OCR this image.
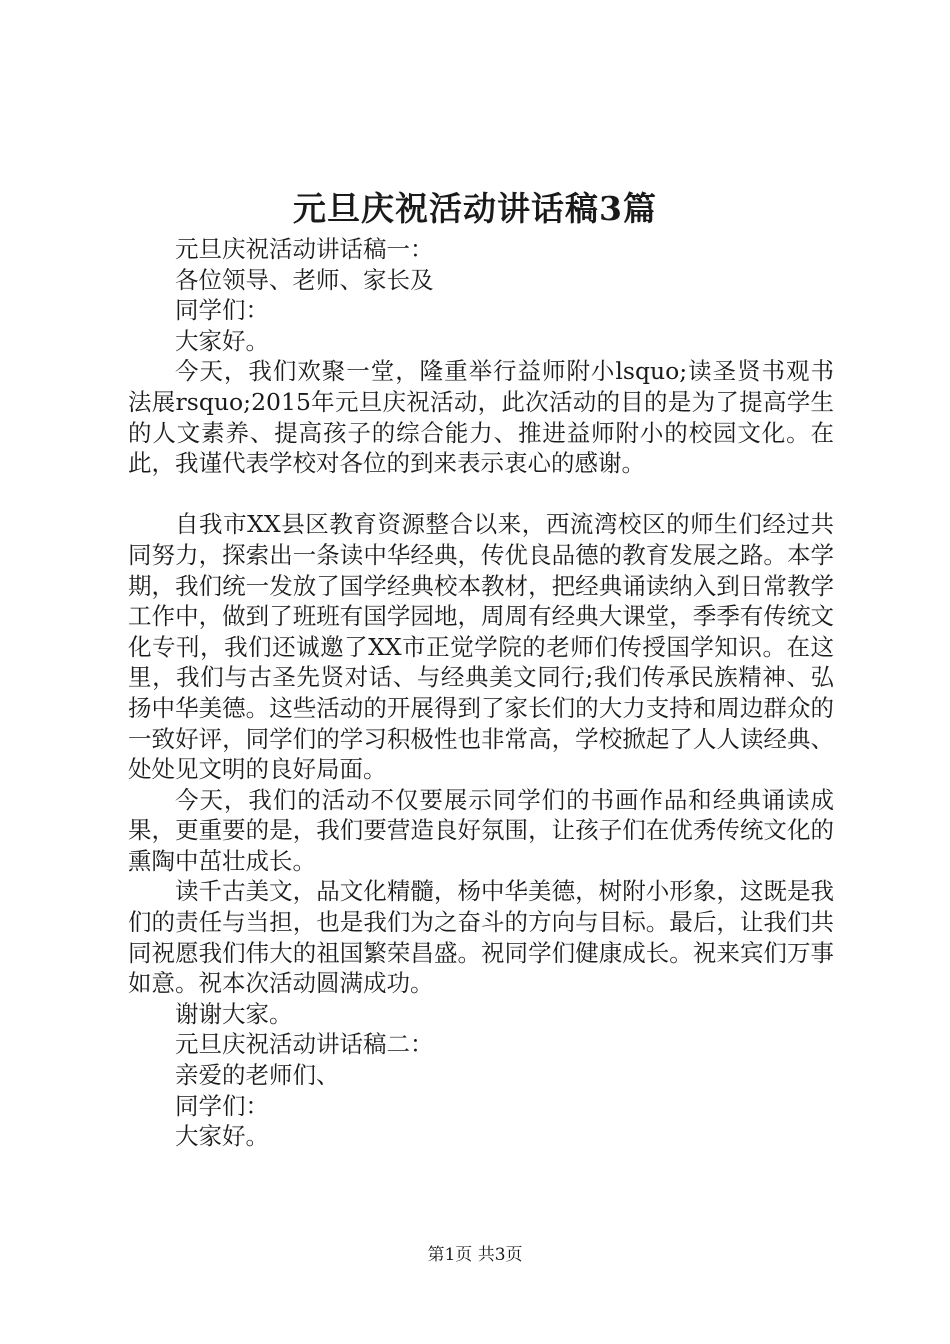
元旦庆祝活动讲话稿3篇

元旦庆祝活动讲话稿一：

各位领导、老师、家长及

同学们：

大家好。

今天，我们欢聚一堂，隆重举行益师附小lsquo;读圣贤书观书法展rsquo;2015年元旦庆祝活动，此次活动的目的是为了提高学生的人文素养、提高孩子的综合能力、推进益师附小的校园文化。在此，我谨代表学校对各位的到来表示衷心的感谢。

自我市XX县区教育资源整合以来，西流湾校区的师生们经过共同努力，探索出一条读中华经典，传优良品德的教育发展之路。本学期，我们统一发放了国学经典校本教材，把经典诵读纳入到日常教学工作中，做到了班班有国学园地，周周有经典大课堂，季季有传统文化专刊，我们还诚邀了XX市正觉学院的老师们传授国学知识。在这里，我们与古圣先贤对话、与经典美文同行;我们传承民族精神、弘扬中华美德。这些活动的开展得到了家长们的大力支持和周边群众的一致好评，同学们的学习积极性也非常高，学校掀起了人人读经典、处处见文明的良好局面。

今天，我们的活动不仅要展示同学们的书画作品和经典诵读成果，更重要的是，我们要营造良好氛围，让孩子们在优秀传统文化的熏陶中茁壮成长。

读千古美文，品文化精髓，杨中华美德，树附小形象，这既是我们的责任与当担，也是我们为之奋斗的方向与目标。最后，让我们共同祝愿我们伟大的祖国繁荣昌盛。祝同学们健康成长。祝来宾们万事如意。祝本次活动圆满成功。

谢谢大家。

元旦庆祝活动讲话稿二：

亲爱的老师们、

同学们：

大家好。

第1页 共3页
